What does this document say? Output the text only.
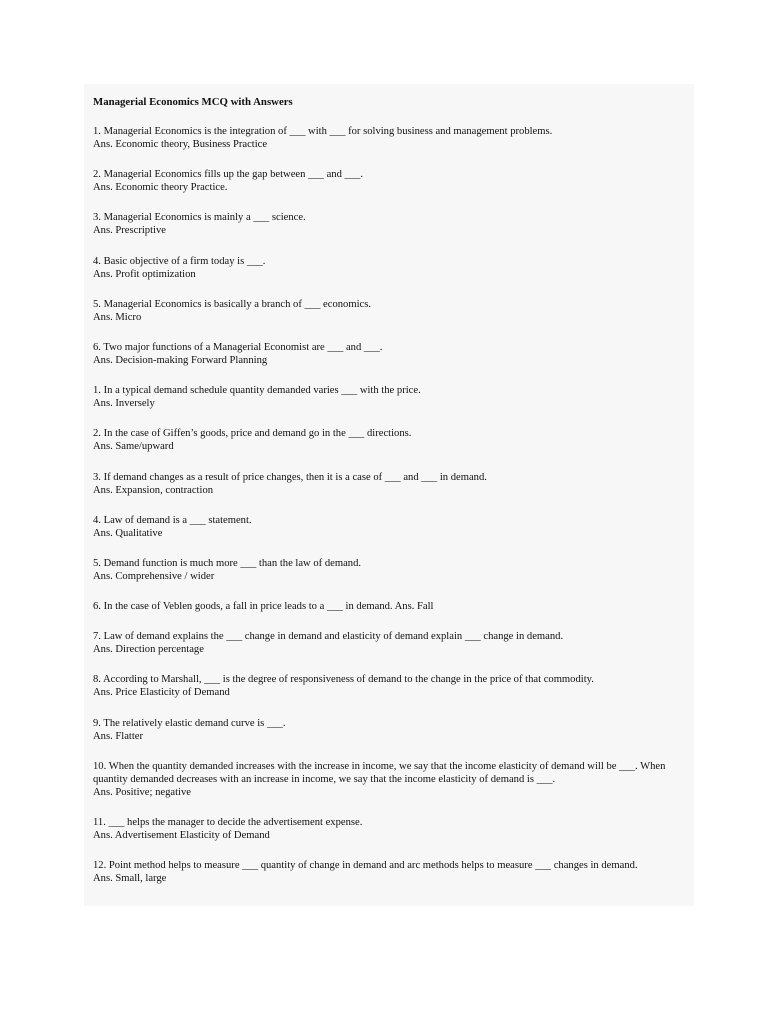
Managerial Economics MCQ with Answers
1. Managerial Economics is the integration of ___ with ___ for solving business and management problems.
Ans. Economic theory, Business Practice
2. Managerial Economics fills up the gap between ___ and ___.
Ans. Economic theory Practice.
3. Managerial Economics is mainly a ___ science.
Ans. Prescriptive
4. Basic objective of a firm today is ___.
Ans. Profit optimization
5. Managerial Economics is basically a branch of ___ economics.
Ans. Micro
6. Two major functions of a Managerial Economist are ___ and ___.
Ans. Decision-making Forward Planning
1. In a typical demand schedule quantity demanded varies ___ with the price.
Ans. Inversely
2. In the case of Giffen’s goods, price and demand go in the ___ directions.
Ans. Same/upward
3. If demand changes as a result of price changes, then it is a case of ___ and ___ in demand.
Ans. Expansion, contraction
4. Law of demand is a ___ statement.
Ans. Qualitative
5. Demand function is much more ___ than the law of demand.
Ans. Comprehensive / wider
6. In the case of Veblen goods, a fall in price leads to a ___ in demand. Ans. Fall
7. Law of demand explains the ___ change in demand and elasticity of demand explain ___ change in demand.
Ans. Direction percentage
8. According to Marshall, ___ is the degree of responsiveness of demand to the change in the price of that commodity.
Ans. Price Elasticity of Demand
9. The relatively elastic demand curve is ___.
Ans. Flatter
10. When the quantity demanded increases with the increase in income, we say that the income elasticity of demand will be ___. When quantity demanded decreases with an increase in income, we say that the income elasticity of demand is ___.
Ans. Positive; negative
11. ___ helps the manager to decide the advertisement expense.
Ans. Advertisement Elasticity of Demand
12. Point method helps to measure ___ quantity of change in demand and arc methods helps to measure ___ changes in demand.
Ans. Small, large
